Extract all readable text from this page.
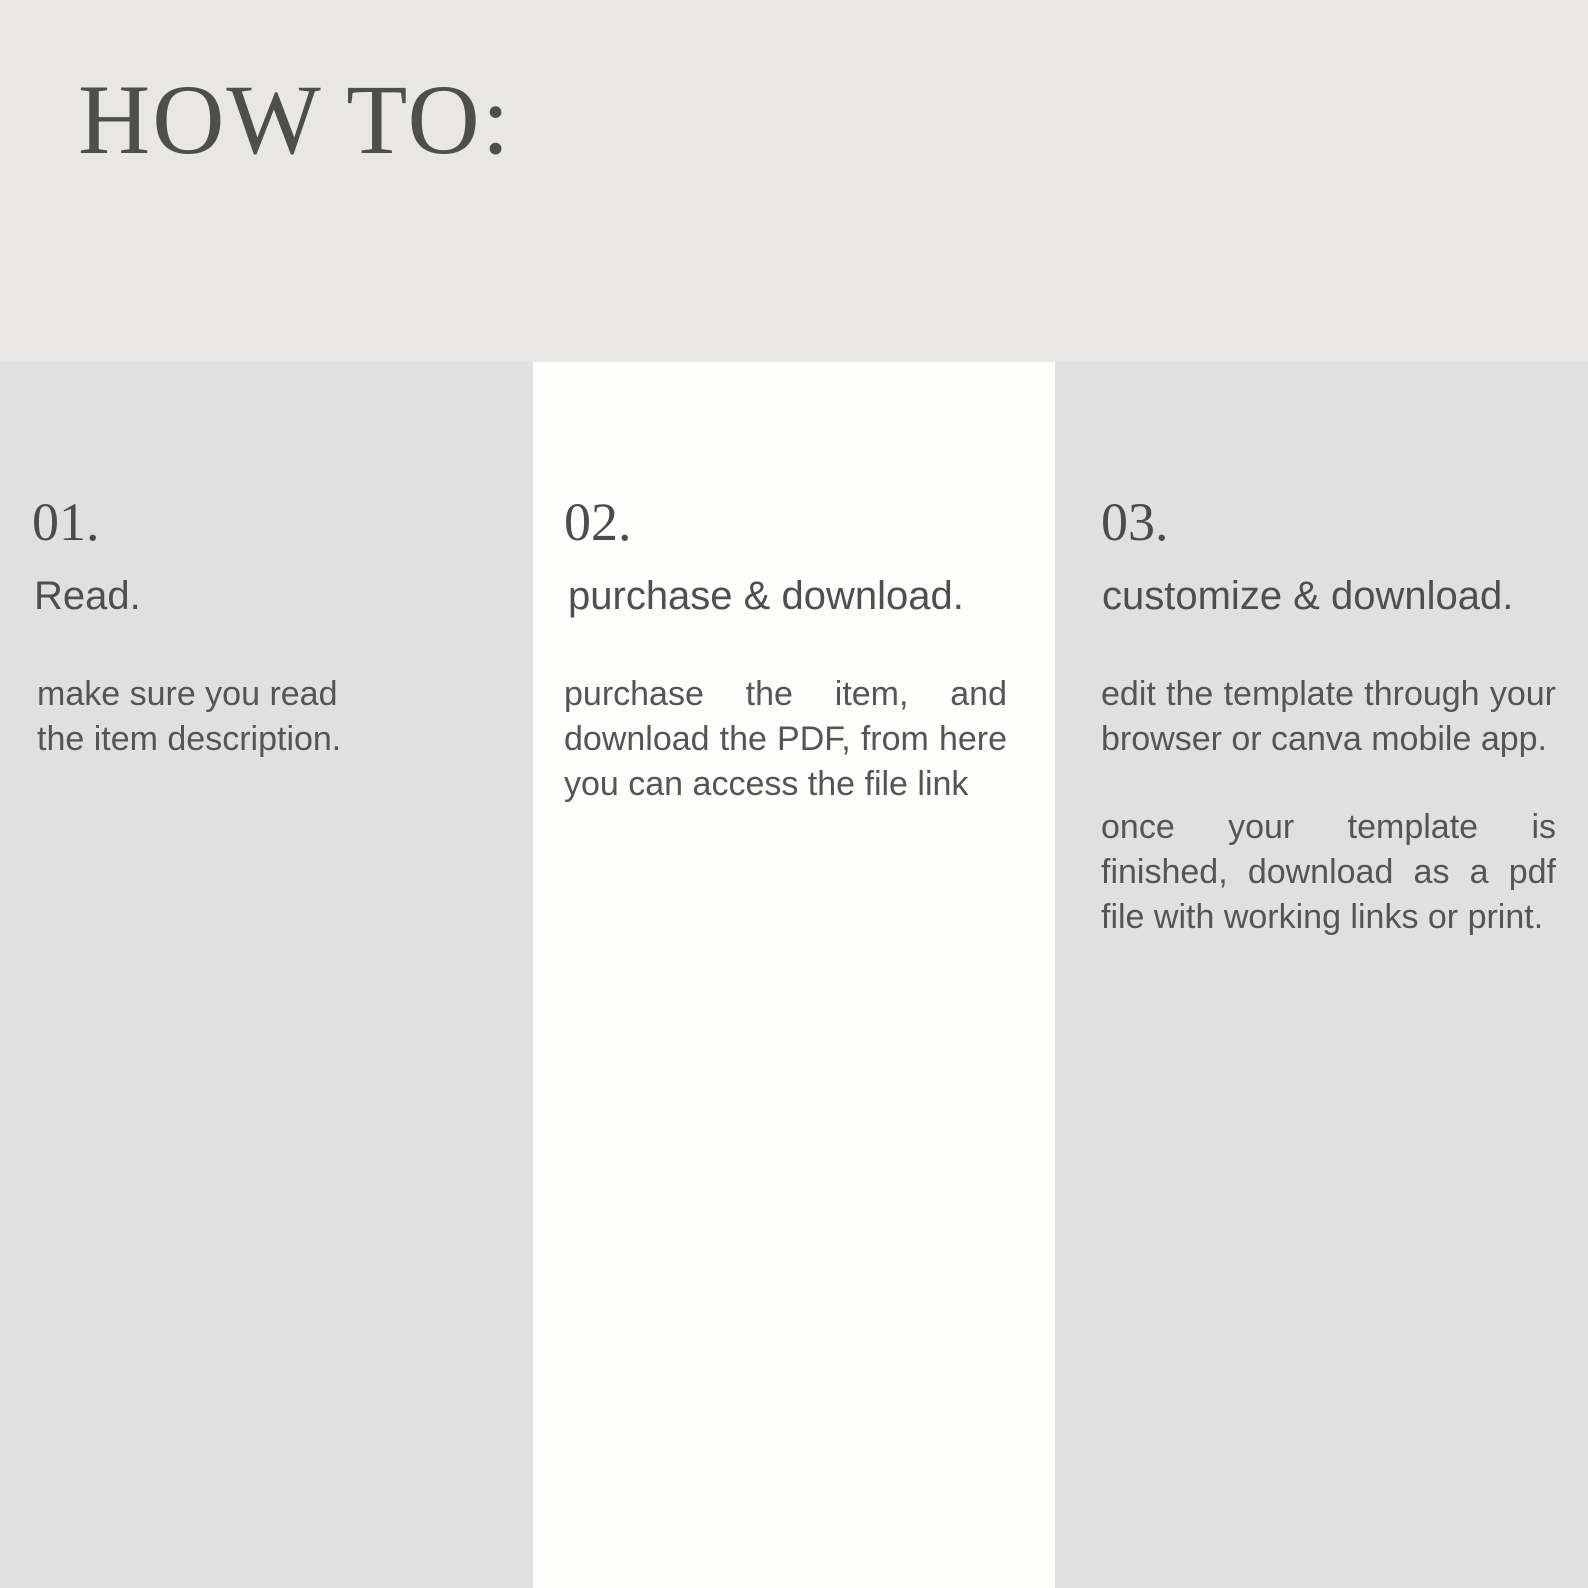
HOW TO:
01.
Read.

make sure you read
the item description.

02.
purchase & download.

purchase the item, and download the PDF, from here you can access the file link

03.
customize & download.

edit the template through your browser or canva mobile app.

once your template is finished, download as a pdf file with working links or print.
